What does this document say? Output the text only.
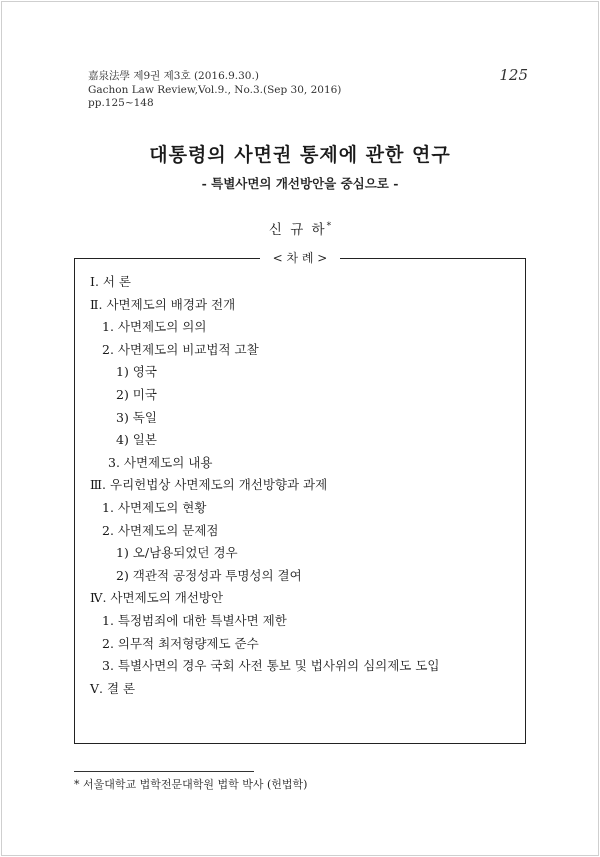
嘉泉法學 제9권 제3호 (2016.9.30.)
Gachon Law Review,Vol.9., No.3.(Sep 30, 2016)
pp.125~148
125
대통령의 사면권 통제에 관한 연구
- 특별사면의 개선방안을 중심으로 -
신 규 하*
< 차 례 >
Ⅰ. 서 론
Ⅱ. 사면제도의 배경과 전개
1. 사면제도의 의의
2. 사면제도의 비교법적 고찰
1) 영국
2) 미국
3) 독일
4) 일본
3. 사면제도의 내용
Ⅲ. 우리헌법상 사면제도의 개선방향과 과제
1. 사면제도의 현황
2. 사면제도의 문제점
1) 오/남용되었던 경우
2) 객관적 공정성과 투명성의 결여
Ⅳ. 사면제도의 개선방안
1. 특정범죄에 대한 특별사면 제한
2. 의무적 최저형량제도 준수
3. 특별사면의 경우 국회 사전 통보 및 법사위의 심의제도 도입
Ⅴ. 결 론
* 서울대학교 법학전문대학원 법학 박사 (헌법학)
